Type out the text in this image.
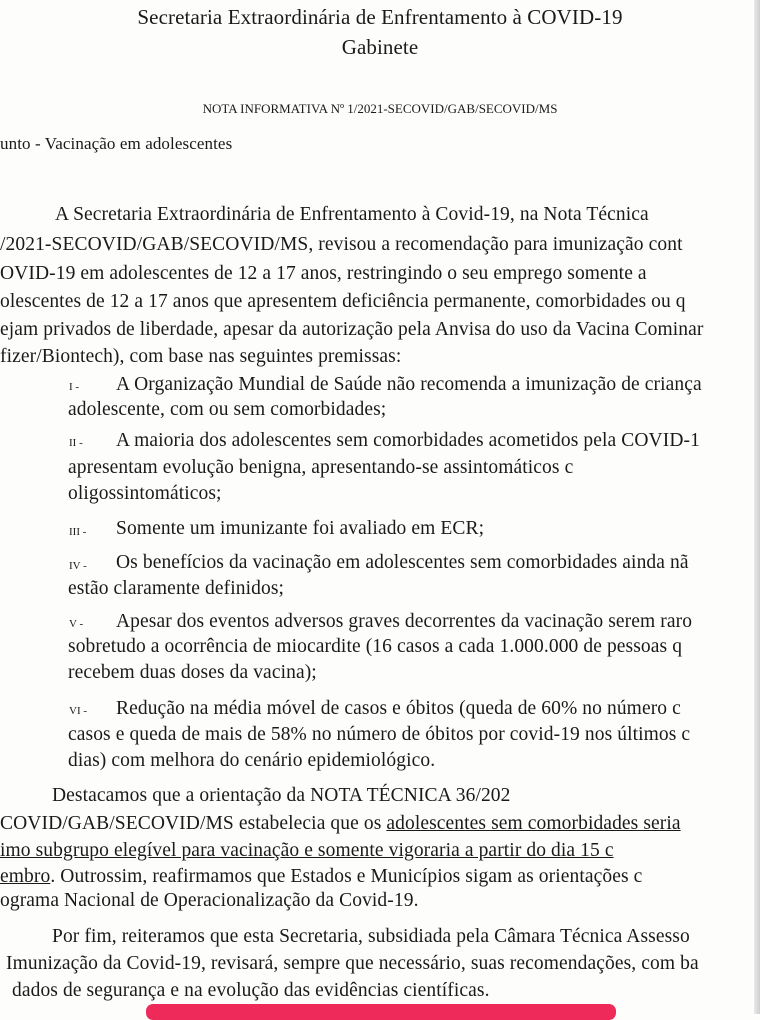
Secretaria Extraordinária de Enfrentamento à COVID-19
Gabinete
NOTA INFORMATIVA Nº 1/2021-SECOVID/GAB/SECOVID/MS
unto - Vacinação em adolescentes
A Secretaria Extraordinária de Enfrentamento à Covid-19, na Nota Técnica
/2021-SECOVID/GAB/SECOVID/MS, revisou a recomendação para imunização cont
OVID-19 em adolescentes de 12 a 17 anos, restringindo o seu emprego somente a
olescentes de 12 a 17 anos que apresentem deficiência permanente, comorbidades ou q
ejam privados de liberdade, apesar da autorização pela Anvisa do uso da Vacina Cominar
fizer/Biontech), com base nas seguintes premissas:
I - A Organização Mundial de Saúde não recomenda a imunização de criança
adolescente, com ou sem comorbidades;
II - A maioria dos adolescentes sem comorbidades acometidos pela COVID-1
apresentam evolução benigna, apresentando-se assintomáticos c
oligossintomáticos;
III - Somente um imunizante foi avaliado em ECR;
IV - Os benefícios da vacinação em adolescentes sem comorbidades ainda nã
estão claramente definidos;
V - Apesar dos eventos adversos graves decorrentes da vacinação serem raro
sobretudo a ocorrência de miocardite (16 casos a cada 1.000.000 de pessoas q
recebem duas doses da vacina);
VI - Redução na média móvel de casos e óbitos (queda de 60% no número c
casos e queda de mais de 58% no número de óbitos por covid-19 nos últimos c
dias) com melhora do cenário epidemiológico.
Destacamos que a orientação da NOTA TÉCNICA 36/202
COVID/GAB/SECOVID/MS estabelecia que os adolescentes sem comorbidades seria
imo subgrupo elegível para vacinação e somente vigoraria a partir do dia 15 c
embro. Outrossim, reafirmamos que Estados e Municípios sigam as orientações c
ograma Nacional de Operacionalização da Covid-19.
Por fim, reiteramos que esta Secretaria, subsidiada pela Câmara Técnica Assesso
Imunização da Covid-19, revisará, sempre que necessário, suas recomendações, com ba
dados de segurança e na evolução das evidências científicas.
